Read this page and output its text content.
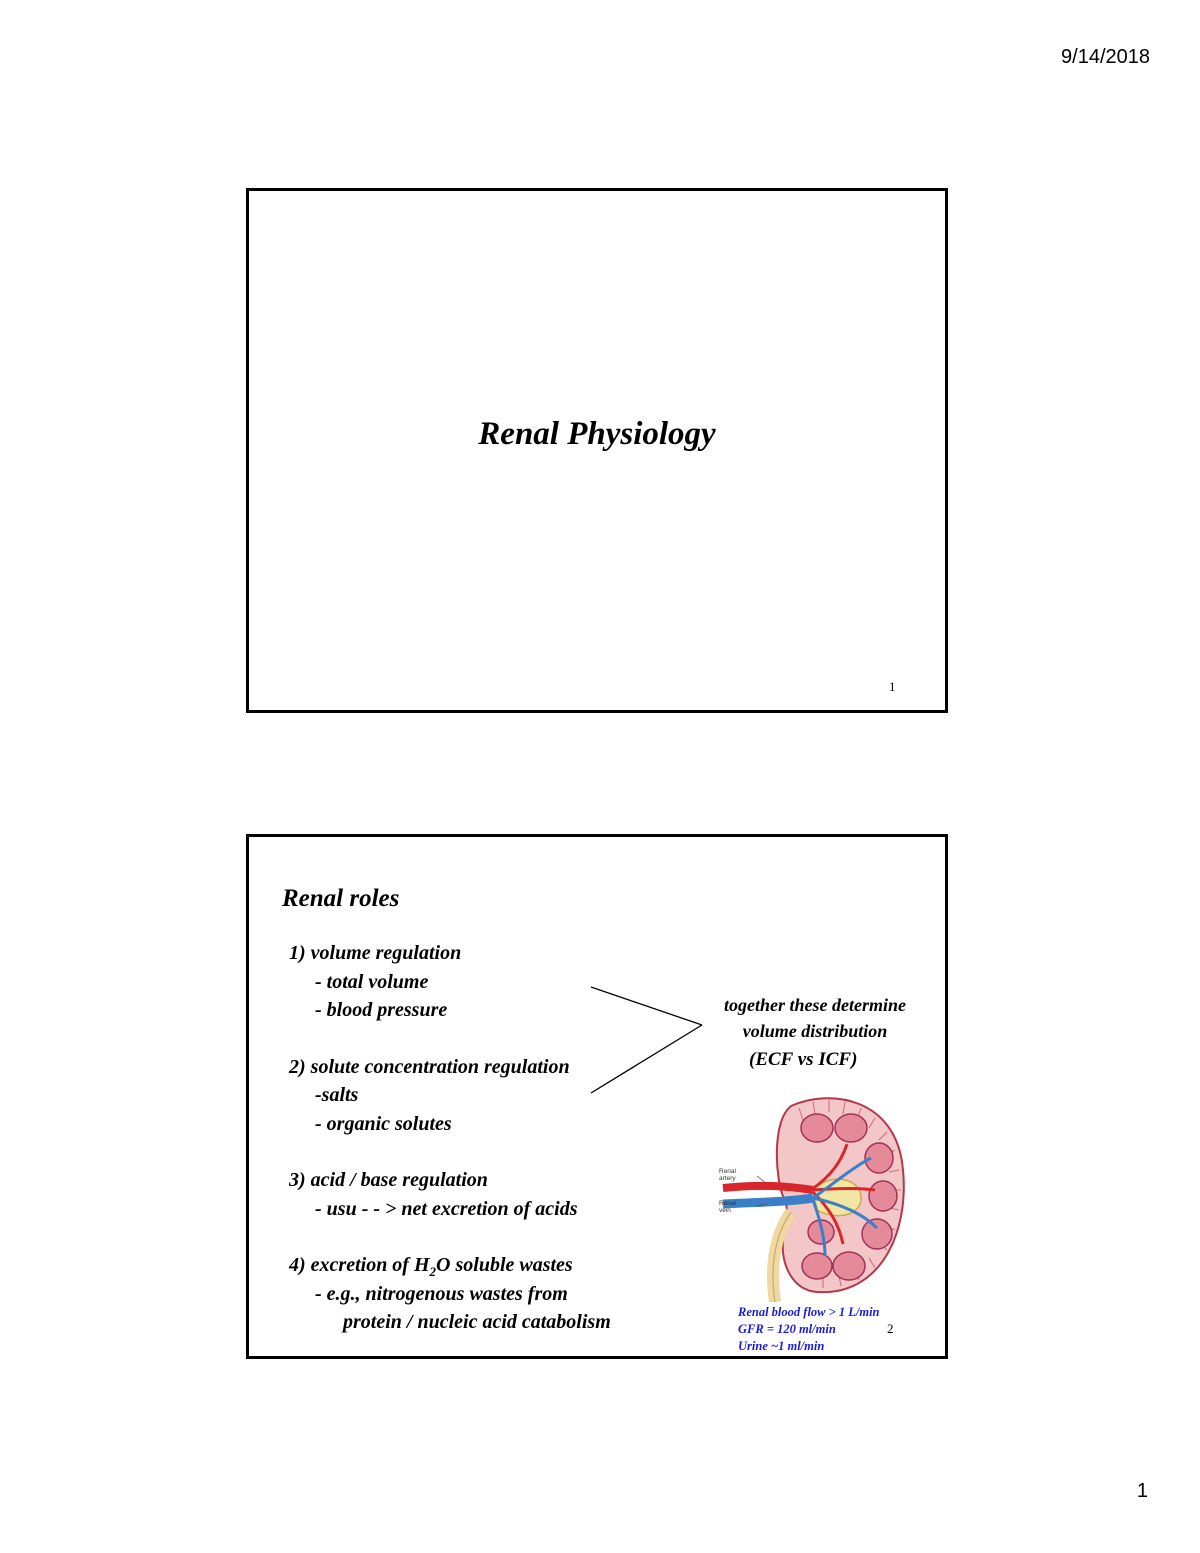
9/14/2018
Renal Physiology
1
Renal roles
1) volume regulation
- total volume
- blood pressure
2) solute concentration regulation
-salts
- organic solutes
3) acid / base regulation
- usu - - > net excretion of acids
4) excretion of $H_2O$ soluble wastes
- e.g., nitrogenous wastes from
protein / nucleic acid catabolism
together these determine
volume distribution
(ECF vs ICF)
Renal artery
Renal vein
Renal blood flow > 1 L/min
GFR = 120 ml/min
Urine ~1 ml/min
2
1
